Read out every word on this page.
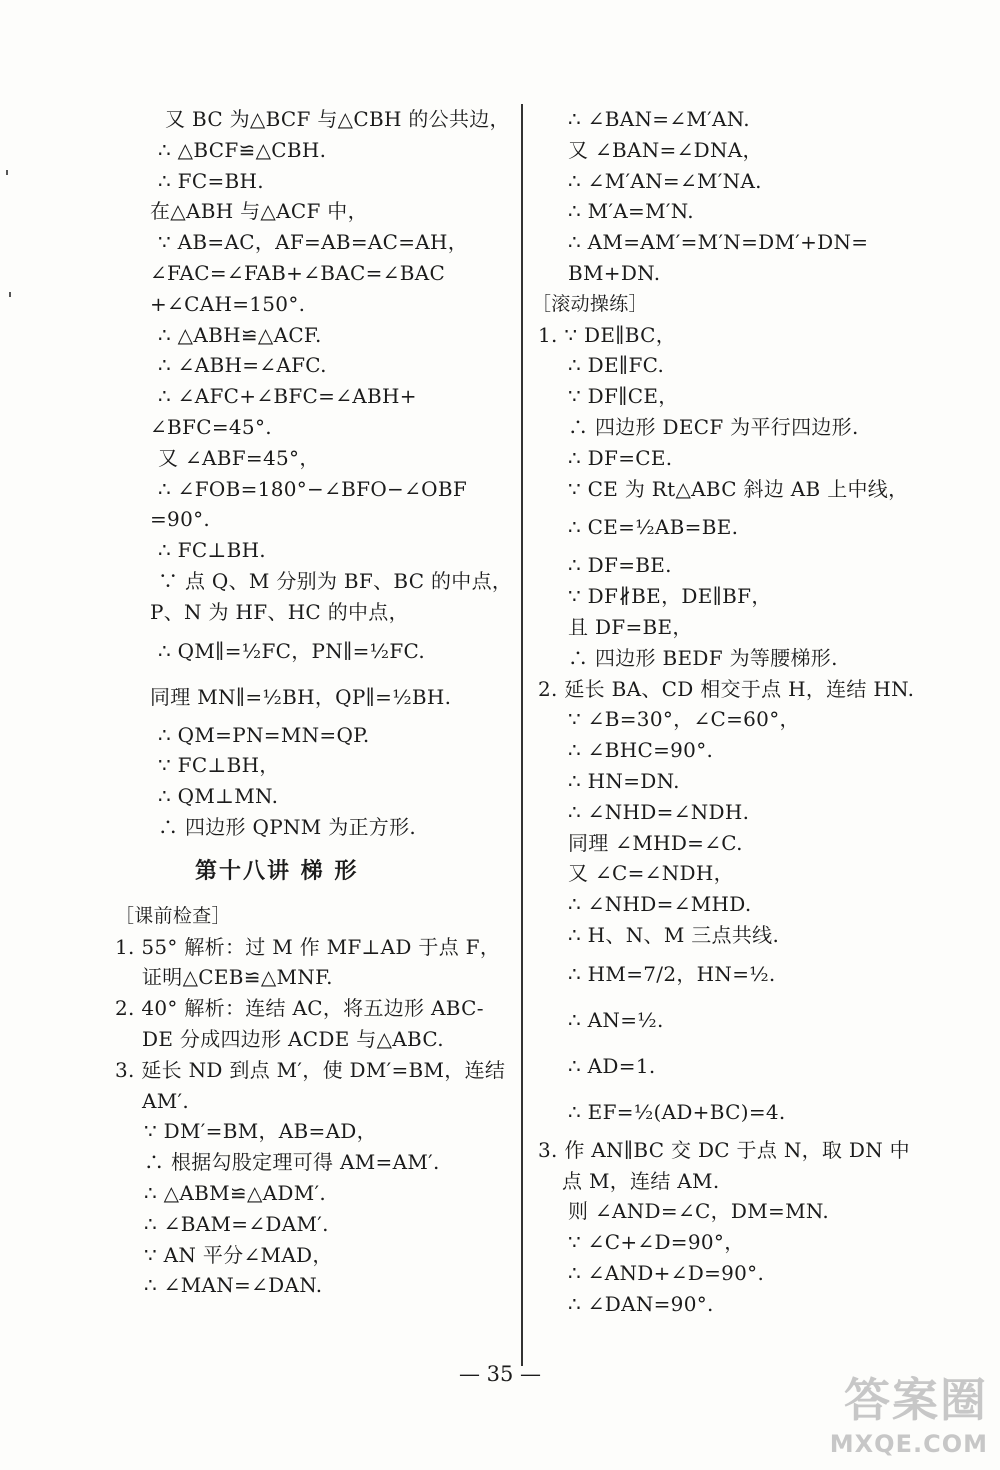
又 BC 为△BCF 与△CBH 的公共边，
∴ △BCF≌△CBH.
∴ FC=BH.
在△ABH 与△ACF 中，
∵ AB=AC，AF=AB=AC=AH，
∠FAC=∠FAB+∠BAC=∠BAC
+∠CAH=150°.
∴ △ABH≌△ACF.
∴ ∠ABH=∠AFC.
∴ ∠AFC+∠BFC=∠ABH+
∠BFC=45°.
又 ∠ABF=45°，
∴ ∠FOB=180°−∠BFO−∠OBF
=90°.
∴ FC⊥BH.
∵ 点 Q、M 分别为 BF、BC 的中点，
P、N 为 HF、HC 的中点，
∴ QM∥=½FC，PN∥=½FC.
同理 MN∥=½BH，QP∥=½BH.
∴ QM=PN=MN=QP.
∵ FC⊥BH，
∴ QM⊥MN.
∴ 四边形 QPNM 为正方形.
第十八讲 梯 形
［课前检查］
1. 55° 解析：过 M 作 MF⊥AD 于点 F，
证明△CEB≌△MNF.
2. 40° 解析：连结 AC，将五边形 ABC-
DE 分成四边形 ACDE 与△ABC.
3. 延长 ND 到点 M′，使 DM′=BM，连结
AM′.
∵ DM′=BM，AB=AD，
∴ 根据勾股定理可得 AM=AM′.
∴ △ABM≌△ADM′.
∴ ∠BAM=∠DAM′.
∵ AN 平分∠MAD，
∴ ∠MAN=∠DAN.
∴ ∠BAN=∠M′AN.
又 ∠BAN=∠DNA，
∴ ∠M′AN=∠M′NA.
∴ M′A=M′N.
∴ AM=AM′=M′N=DM′+DN=
BM+DN.
［滚动操练］
1. ∵ DE∥BC，
∴ DE∥FC.
∵ DF∥CE，
∴ 四边形 DECF 为平行四边形.
∴ DF=CE.
∵ CE 为 Rt△ABC 斜边 AB 上中线，
∴ CE=½AB=BE.
∴ DF=BE.
∵ DF∦BE，DE∥BF，
且 DF=BE，
∴ 四边形 BEDF 为等腰梯形.
2. 延长 BA、CD 相交于点 H，连结 HN.
∵ ∠B=30°，∠C=60°，
∴ ∠BHC=90°.
∴ HN=DN.
∴ ∠NHD=∠NDH.
同理 ∠MHD=∠C.
又 ∠C=∠NDH，
∴ ∠NHD=∠MHD.
∴ H、N、M 三点共线.
∴ HM=7/2，HN=½.
∴ AN=½.
∴ AD=1.
∴ EF=½(AD+BC)=4.
3. 作 AN∥BC 交 DC 于点 N，取 DN 中
点 M，连结 AM.
则 ∠AND=∠C，DM=MN.
∵ ∠C+∠D=90°，
∴ ∠AND+∠D=90°.
∴ ∠DAN=90°.
— 35 —	答案圈
MXQE.COM
